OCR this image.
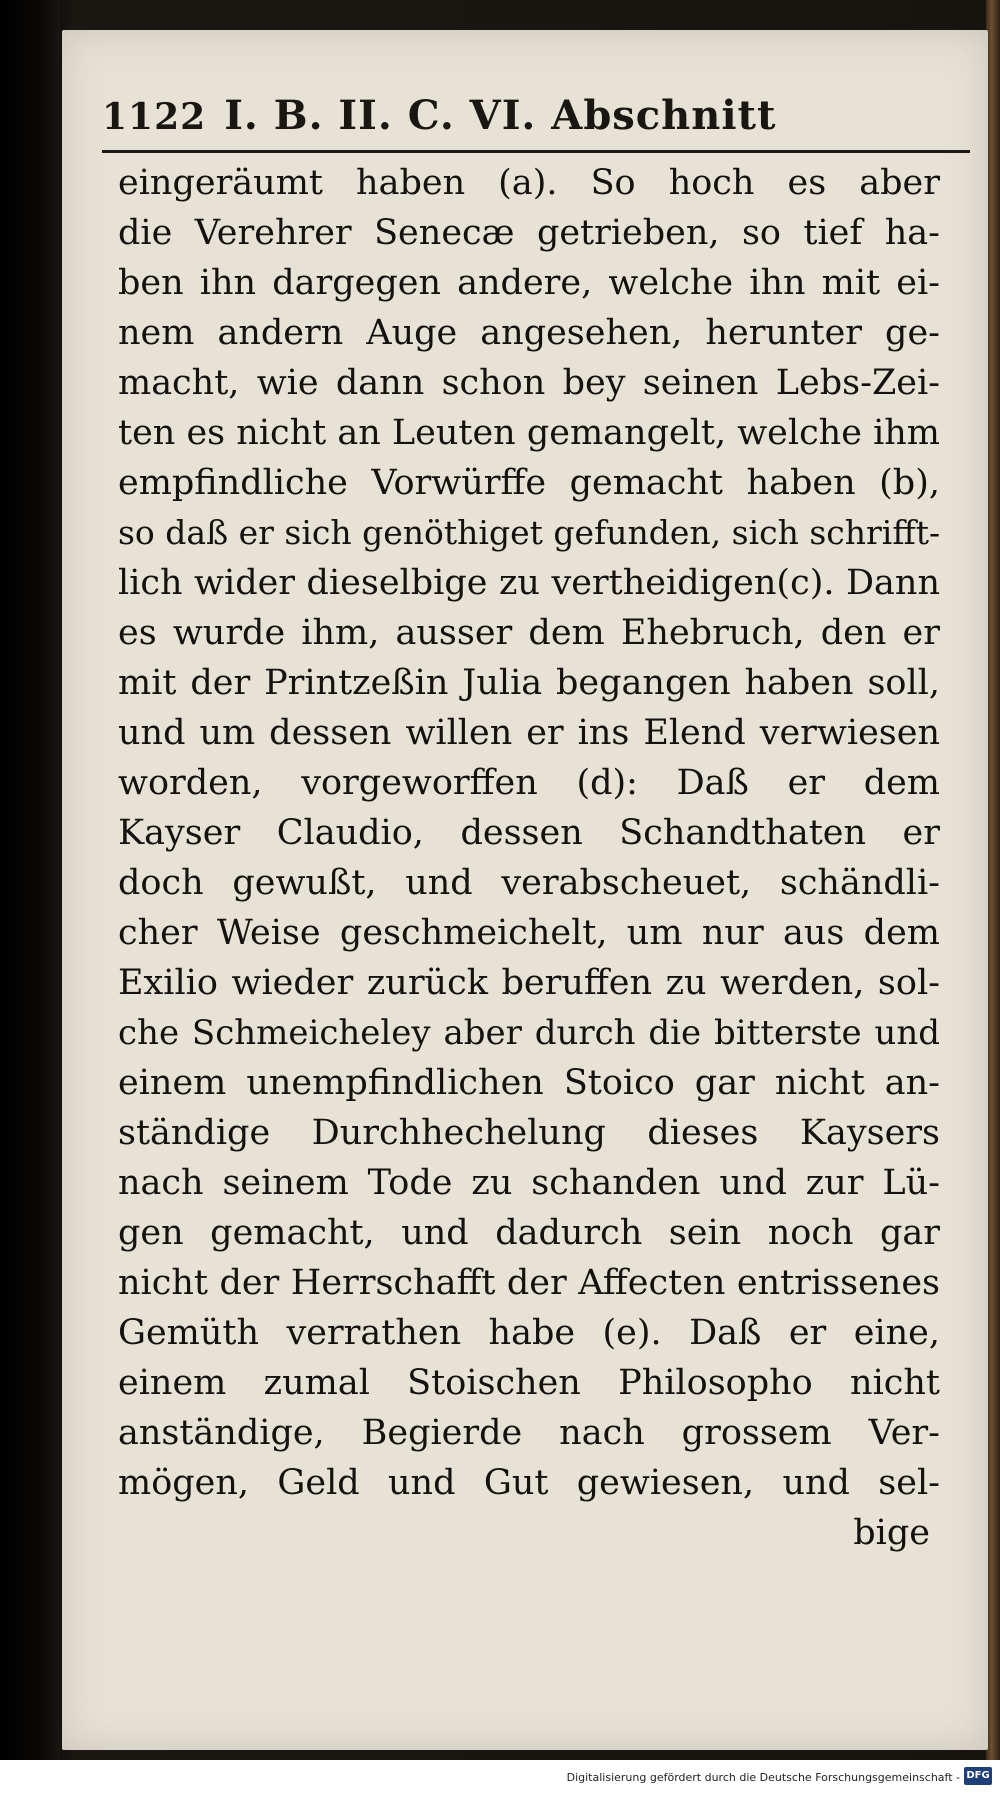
1122 I. B. II. C. VI. Abschnitt
eingeräumt haben (a). So hoch es aber
die Verehrer Senecæ getrieben, so tief ha-
ben ihn dargegen andere, welche ihn mit ei-
nem andern Auge angesehen, herunter ge-
macht, wie dann schon bey seinen Lebs-Zei-
ten es nicht an Leuten gemangelt, welche ihm
empfindliche Vorwürffe gemacht haben (b),
so daß er sich genöthiget gefunden, sich schrifft-
lich wider dieselbige zu vertheidigen(c). Dann
es wurde ihm, ausser dem Ehebruch, den er
mit der Printzeßin Julia begangen haben soll,
und um dessen willen er ins Elend verwiesen
worden, vorgeworffen (d): Daß er dem
Kayser Claudio, dessen Schandthaten er
doch gewußt, und verabscheuet, schändli-
cher Weise geschmeichelt, um nur aus dem
Exilio wieder zurück beruffen zu werden, sol-
che Schmeicheley aber durch die bitterste und
einem unempfindlichen Stoico gar nicht an-
ständige Durchhechelung dieses Kaysers
nach seinem Tode zu schanden und zur Lü-
gen gemacht, und dadurch sein noch gar
nicht der Herrschafft der Affecten entrissenes
Gemüth verrathen habe (e). Daß er eine,
einem zumal Stoischen Philosopho nicht
anständige, Begierde nach grossem Ver-
mögen, Geld und Gut gewiesen, und sel-
bige
Digitalisierung gefördert durch die Deutsche Forschungsgemeinschaft - DFG
